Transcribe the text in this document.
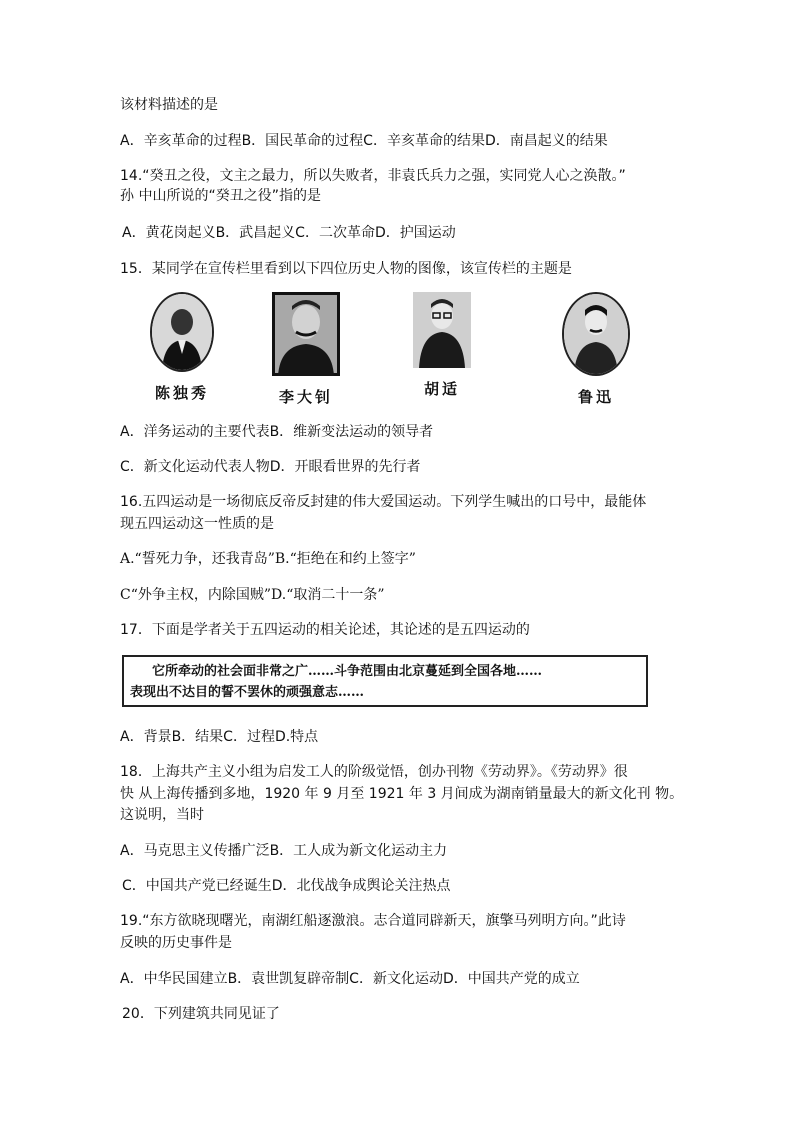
该材料描述的是
A．辛亥革命的过程B．国民革命的过程C．辛亥革命的结果D．南昌起义的结果
14.“癸丑之役，文主之最力，所以失败者，非袁氏兵力之强，实同党人心之涣散。”
孙 中山所说的“癸丑之役”指的是
A．黄花岗起义B．武昌起义C．二次革命D．护国运动
15．某同学在宣传栏里看到以下四位历史人物的图像，该宣传栏的主题是
陈独秀	李大钊	胡适	鲁迅
A．洋务运动的主要代表B．维新变法运动的领导者
C．新文化运动代表人物D．开眼看世界的先行者
16.五四运动是一场彻底反帝反封建的伟大爱国运动。下列学生喊出的口号中，最能体
现五四运动这一性质的是
A.“誓死力争，还我青岛”B.“拒绝在和约上签字”
C“外争主权，内除国贼”D.“取消二十一条”
17．下面是学者关于五四运动的相关论述，其论述的是五四运动的
它所牵动的社会面非常之广……斗争范围由北京蔓延到全国各地……
表现出不达目的誓不罢休的顽强意志……
A．背景B．结果C．过程D.特点
18．上海共产主义小组为启发工人的阶级觉悟，创办刊物《劳动界》。《劳动界》很
快 从上海传播到多地，1920 年 9 月至 1921 年 3 月间成为湖南销量最大的新文化刊 物。
这说明，当时
A．马克思主义传播广泛B．工人成为新文化运动主力
C．中国共产党已经诞生D．北伐战争成舆论关注热点
19.“东方欲晓现曙光，南湖红船逐激浪。志合道同辟新天，旗擎马列明方向。”此诗
反映的历史事件是
A．中华民国建立B．袁世凯复辟帝制C．新文化运动D．中国共产党的成立
20．下列建筑共同见证了
